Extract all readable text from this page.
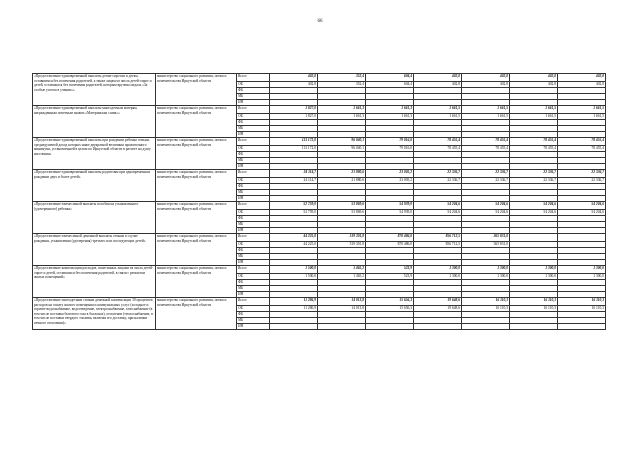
66
«Предоставление единовременной выплаты детям-сиротам и детям, оставшимся без попечения родителей, а также лицам из числа детей-сирот и детей, оставшихся без попечения родителей, которым вручена медаль «За особые успехи в учении»»	министерство социального развития, опеки и попечительства Иркутской области	Всего	402,8	352,4	604,4	402,8	402,8	402,8	402,8
		ОБ	402,8	352,4	604,4	402,8	402,8	402,8	402,8
		ФБ							
		МБ							
		ИИ							
«Предоставление единовременной выплаты многодетным матерям, награжденным почетным знаком «Материнская слава»»	министерство социального развития, опеки и попечительства Иркутской области	Всего	1 827,0	1 661,3	1 661,3	1 661,5	1 661,5	1 661,5	1 661,5
		ОБ	1 827,0	1 661,3	1 661,3	1 661,5	1 661,5	1 661,5	1 661,5
		ФБ							
		МБ							
		ИИ							
«Предоставление единовременной выплаты при рождении ребенка семьям, среднедушевой доход которых ниже двукратной величины прожиточного минимума, установленной в целом по Иркутской области в расчете на душу населения»	министерство социального развития, опеки и попечительства Иркутской области	Всего	113 172,0	96 040,1	79 016,0	78 455,4	78 455,4	78 455,4	78 455,4
		ОБ	113 172,0	96 040,1	79 016,0	78 455,4	78 455,4	78 455,4	78 455,4
		ФБ							
		МБ							
		ИИ							
«Предоставление единовременной выплаты родителям при одновременном рождении двух и более детей»	министерство социального развития, опеки и попечительства Иркутской области	Всего	24 114,7	21 880,6	23 005,2	22 336,7	22 336,7	22 336,7	22 336,7
		ОБ	24 114,7	21 880,6	23 005,2	22 336,7	22 336,7	22 336,7	22 336,7
		ФБ							
		МБ							
		ИИ							
«Предоставление ежемесячной выплаты пособия на усыновленного (удочеренного) ребенка»	министерство социального развития, опеки и попечительства Иркутской области	Всего	52 759,0	53 869,6	54 939,0	54 204,6	54 204,6	54 204,6	54 204,6
		ОБ	52 759,0	53 869,6	54 939,0	54 204,6	54 204,6	54 204,6	54 204,6
		ФБ							
		МБ							
		ИИ							
«Предоставление ежемесячной денежной выплаты семьям в случае рождения, усыновления (удочерения) третьего или последующих детей»	министерство социального развития, опеки и попечительства Иркутской области	Всего	44 225,0	519 301,8	870 486,0	856 712,5	365 831,0		
		ОБ	44 225,0	519 301,8	870 486,0	856 712,5	365 831,0		
		ФБ							
		МБ							
		ИИ							
«Предоставление компенсации расходов, понесенных лицами из числа детей-сирот и детей, оставшихся без попечения родителей, в связи с ремонтом жилых помещений»	министерство социального развития, опеки и попечительства Иркутской области	Всего	1 500,0	1 465,2	523,9	1 300,0	1 300,0	1 300,0	1 300,0
		ОБ	1 500,0	1 465,2	523,9	1 300,0	1 300,0	1 300,0	1 300,0
		ФБ							
		МБ							
		ИИ							
«Предоставление многодетным семьям денежной компенсации 30 процентов расходов на оплату жилого помещения и коммунальных услуг (холодное и горячее водоснабжение, водоотведение, электроснабжение, газоснабжение (в том числе поставка бытового газа в баллонах), отопление (теплоснабжение, в том числе поставки твердого топлива, включая его доставку, при наличии печного отопления)»	министерство социального развития, опеки и попечительства Иркутской области	Всего	11 286,9	14 013,8	15 656,3	19 648,6	16 110,3	16 110,3	16 110,3
		ОБ	11 286,9	14 013,8	15 656,3	19 648,6	16 110,3	16 110,3	16 110,3
		ФБ							
		МБ							
		ИИ							
